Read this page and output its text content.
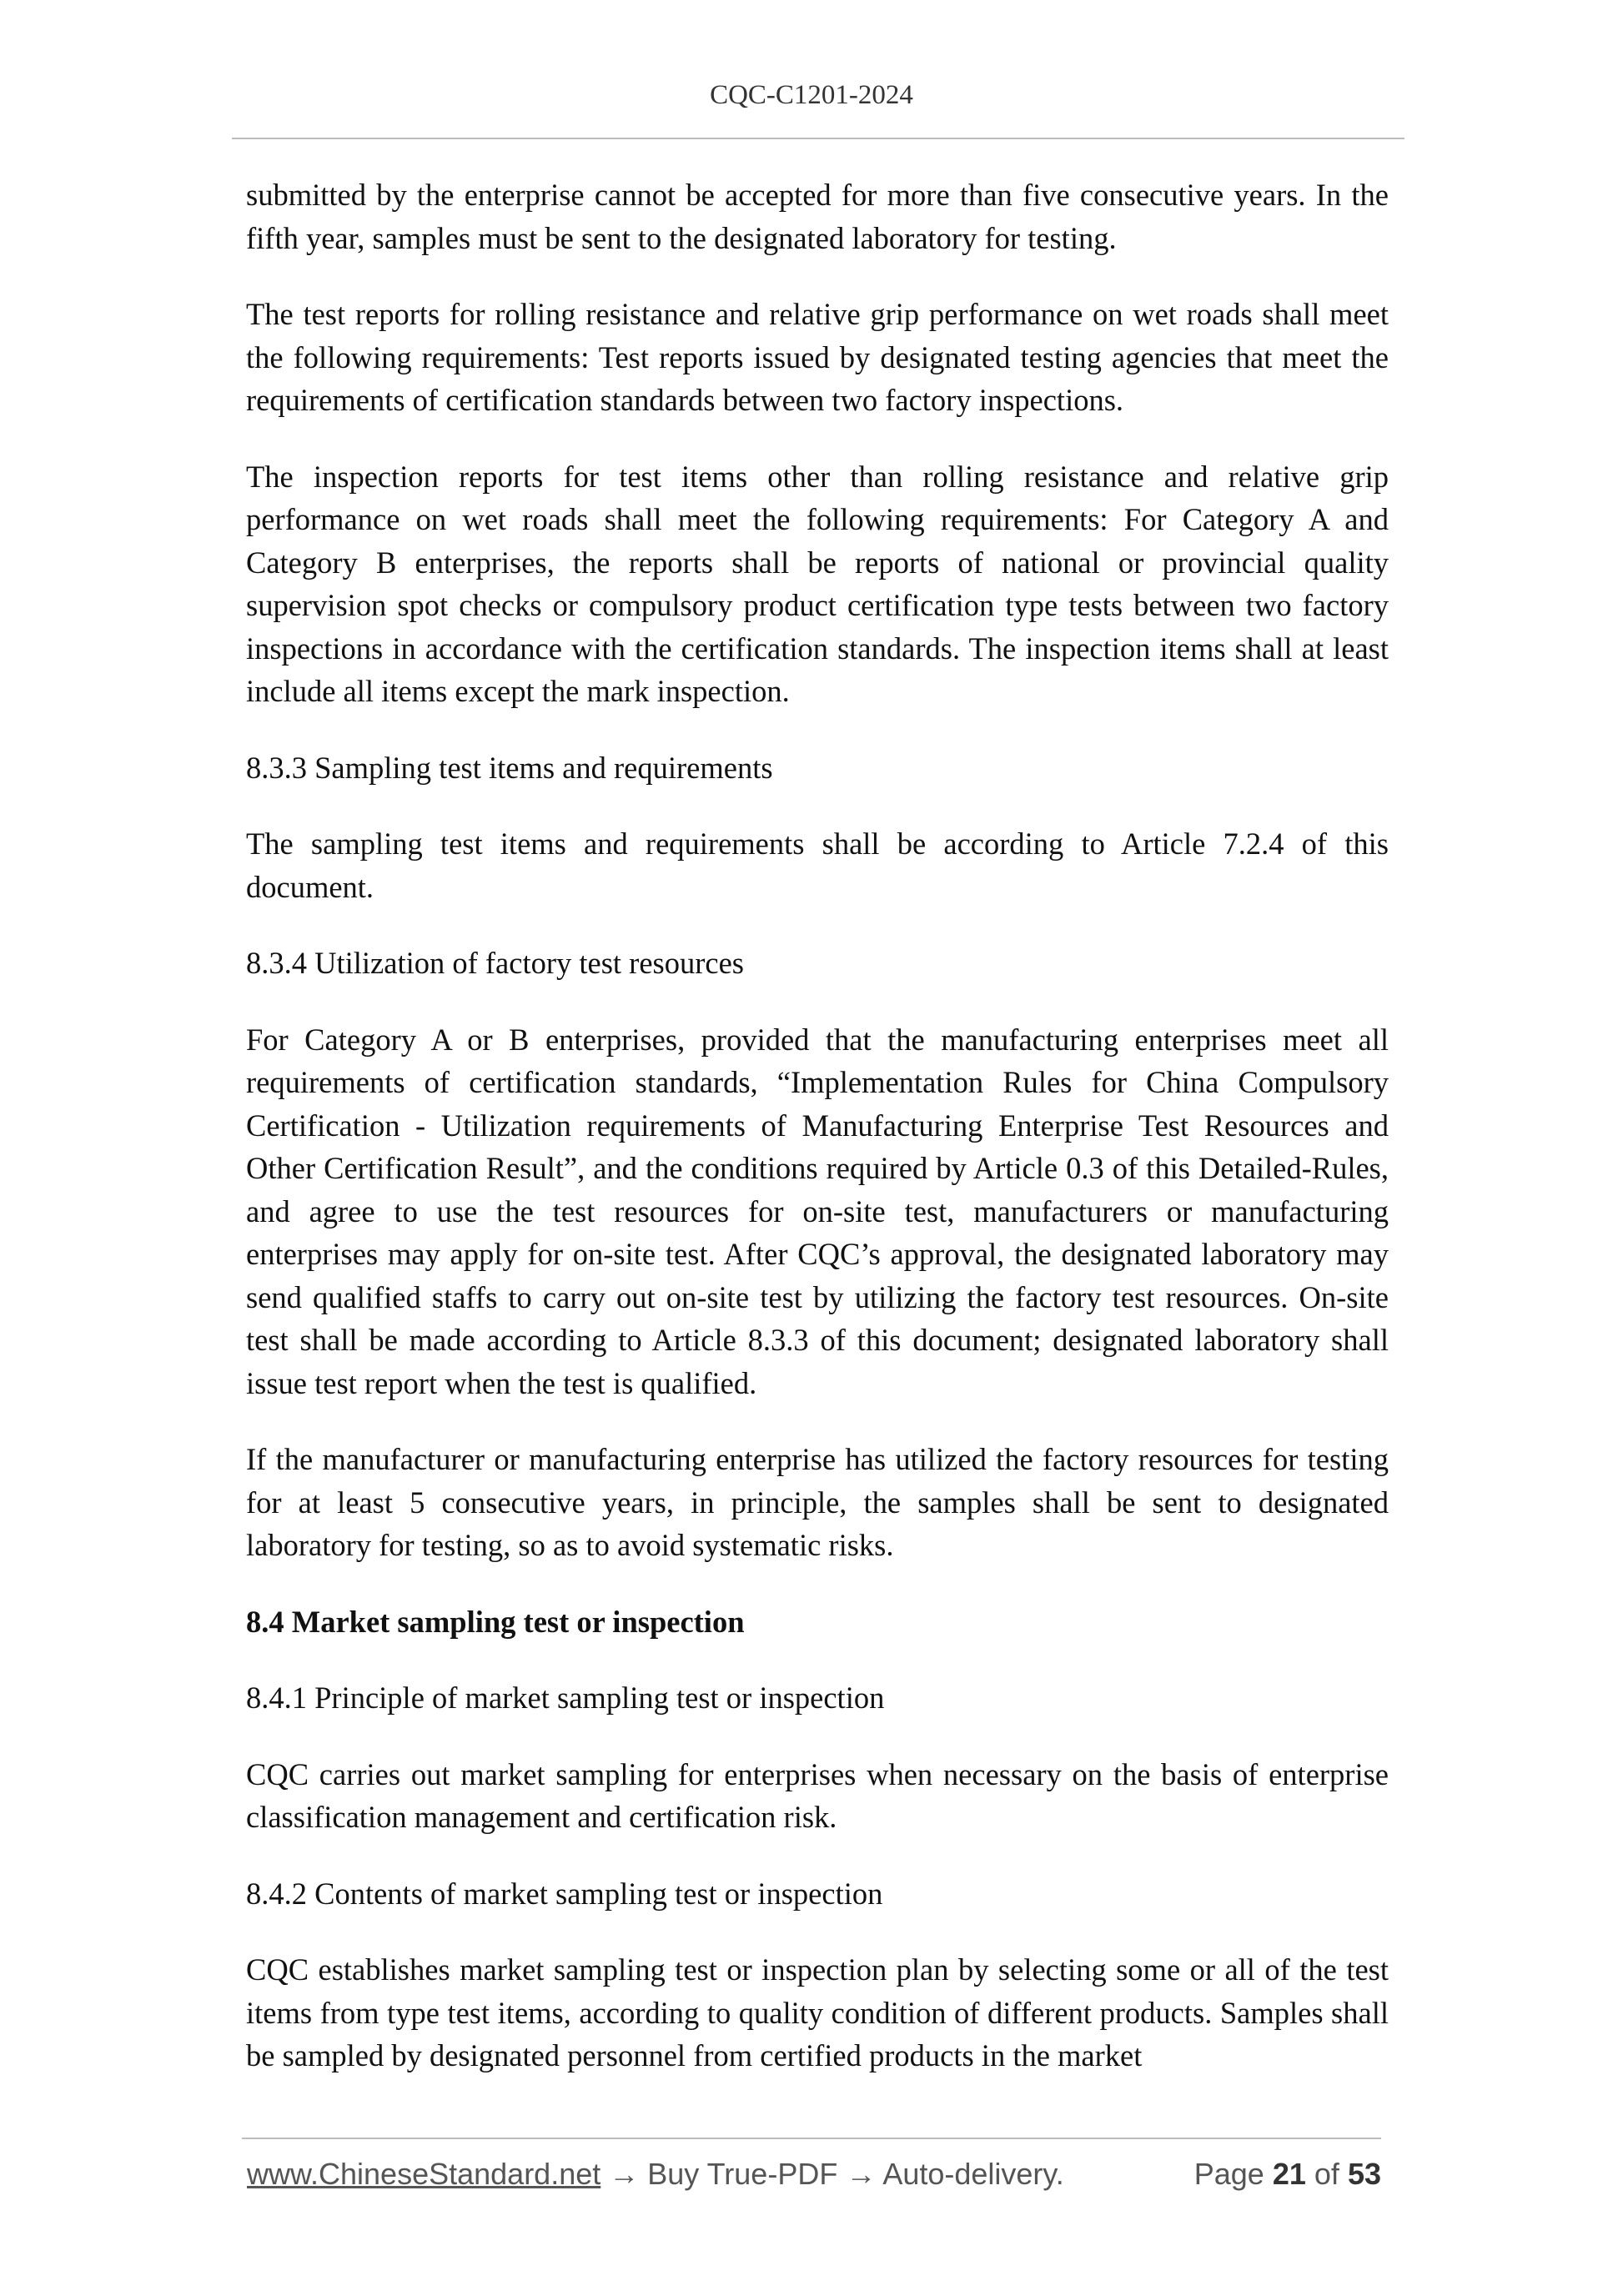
CQC-C1201-2024

submitted by the enterprise cannot be accepted for more than five consecutive years. In the fifth year, samples must be sent to the designated laboratory for testing.

The test reports for rolling resistance and relative grip performance on wet roads shall meet the following requirements: Test reports issued by designated testing agencies that meet the requirements of certification standards between two factory inspections.

The inspection reports for test items other than rolling resistance and relative grip performance on wet roads shall meet the following requirements: For Category A and Category B enterprises, the reports shall be reports of national or provincial quality supervision spot checks or compulsory product certification type tests between two factory inspections in accordance with the certification standards. The inspection items shall at least include all items except the mark inspection.

8.3.3 Sampling test items and requirements

The sampling test items and requirements shall be according to Article 7.2.4 of this document.

8.3.4 Utilization of factory test resources

For Category A or B enterprises, provided that the manufacturing enterprises meet all requirements of certification standards, “Implementation Rules for China Compulsory Certification - Utilization requirements of Manufacturing Enterprise Test Resources and Other Certification Result”, and the conditions required by Article 0.3 of this Detailed-Rules, and agree to use the test resources for on-site test, manufacturers or manufacturing enterprises may apply for on-site test. After CQC’s approval, the designated laboratory may send qualified staffs to carry out on-site test by utilizing the factory test resources. On-site test shall be made according to Article 8.3.3 of this document; designated laboratory shall issue test report when the test is qualified.

If the manufacturer or manufacturing enterprise has utilized the factory resources for testing for at least 5 consecutive years, in principle, the samples shall be sent to designated laboratory for testing, so as to avoid systematic risks.

8.4 Market sampling test or inspection

8.4.1 Principle of market sampling test or inspection

CQC carries out market sampling for enterprises when necessary on the basis of enterprise classification management and certification risk.

8.4.2 Contents of market sampling test or inspection

CQC establishes market sampling test or inspection plan by selecting some or all of the test items from type test items, according to quality condition of different products. Samples shall be sampled by designated personnel from certified products in the market

www.ChineseStandard.net → Buy True-PDF → Auto-delivery.	Page 21 of 53
